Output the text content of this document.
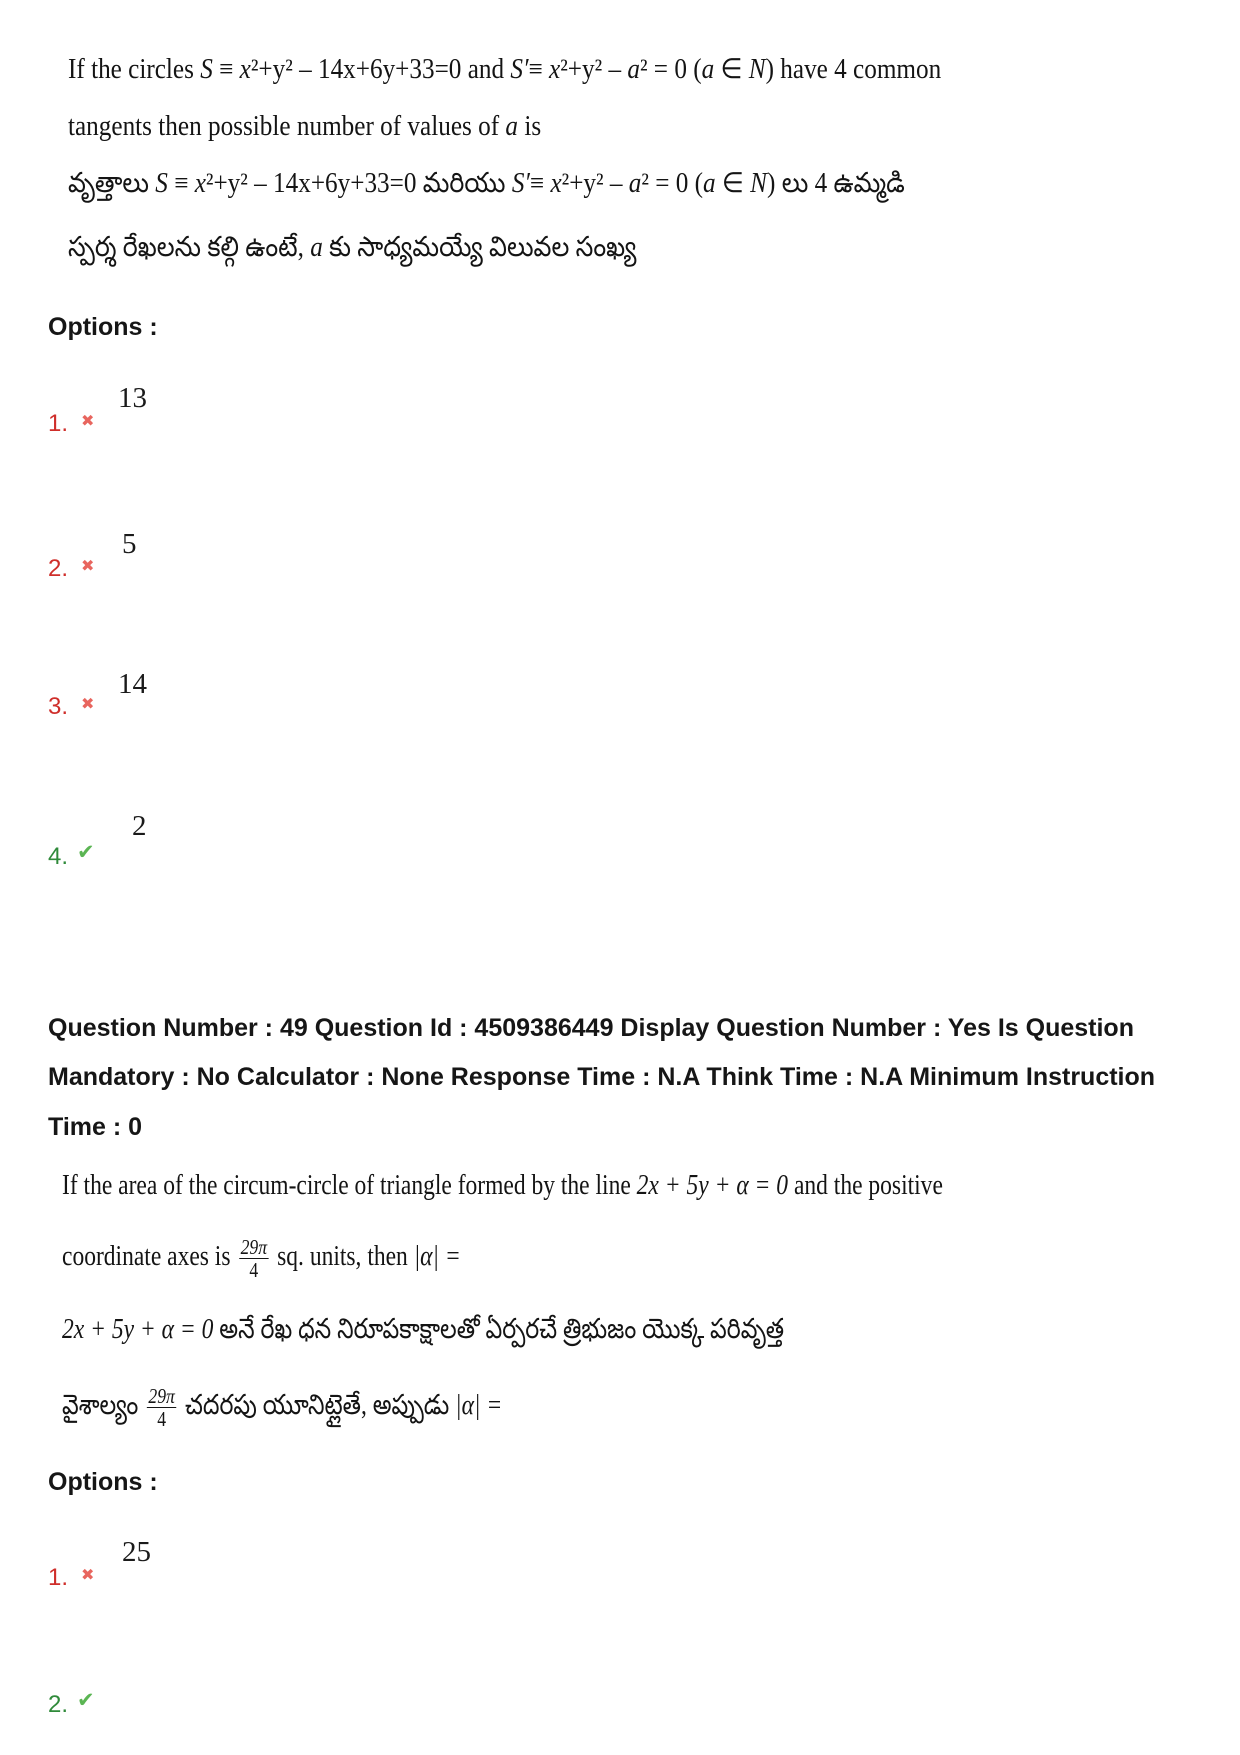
If the circles S ≡ x²+y² – 14x+6y+33=0 and S′≡ x²+y² – a² = 0 (a ∈ N) have 4 common
tangents then possible number of values of a is
వృత్తాలు S ≡ x²+y² – 14x+6y+33=0 మరియు S′≡ x²+y² – a² = 0 (a ∈ N) లు 4 ఉమ్మడి
స్పర్శ రేఖలను కల్గి ఉంటే, a కు సాధ్యమయ్యే విలువల సంఖ్య
Options :
1.
✖
13
2.
✖
5
3.
✖
14
4.
✔
2
Question Number : 49 Question Id : 4509386449 Display Question Number : Yes Is Question
Mandatory : No Calculator : None Response Time : N.A Think Time : N.A Minimum Instruction
Time : 0
If the area of the circum-circle of triangle formed by the line 2x + 5y + α = 0 and the positive
coordinate axes is $\frac{29\pi}{4}$ sq. units, then |α| =
2x + 5y + α = 0 అనే రేఖ ధన నిరూపకాక్షాలతో ఏర్పరచే త్రిభుజం యొక్క పరివృత్త
వైశాల్యం $\frac{29\pi}{4}$ చదరపు యూనిట్లైతే, అప్పుడు |α| =
Options :
1.
✖
25
2.
✔
